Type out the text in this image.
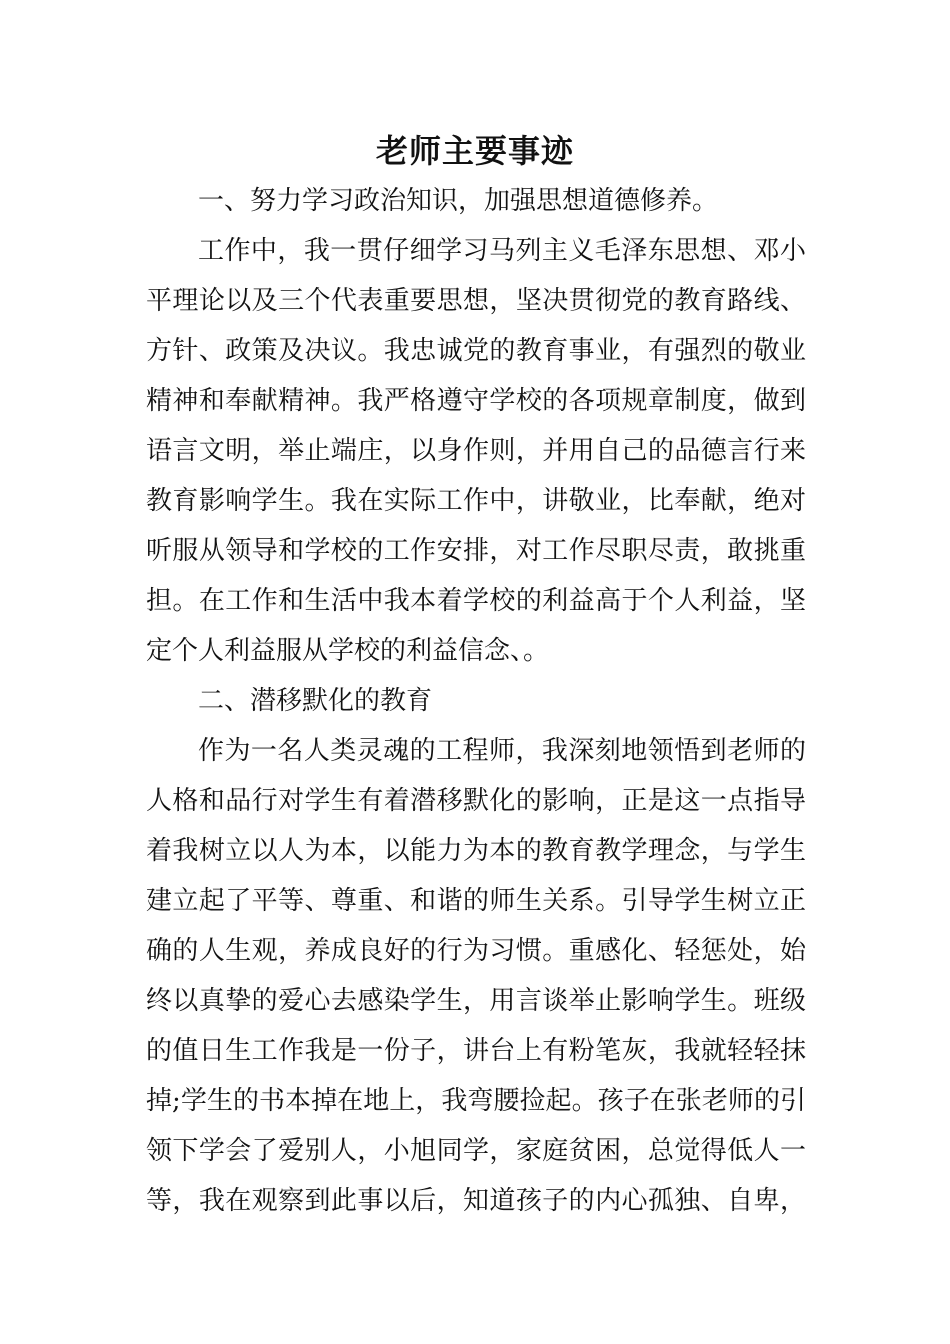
老师主要事迹

一、努力学习政治知识，加强思想道德修养。

工作中，我一贯仔细学习马列主义毛泽东思想、邓小

平理论以及三个代表重要思想，坚决贯彻党的教育路线、

方针、政策及决议。我忠诚党的教育事业，有强烈的敬业

精神和奉献精神。我严格遵守学校的各项规章制度，做到

语言文明，举止端庄，以身作则，并用自己的品德言行来

教育影响学生。我在实际工作中，讲敬业，比奉献，绝对

听服从领导和学校的工作安排，对工作尽职尽责，敢挑重

担。在工作和生活中我本着学校的利益高于个人利益，坚

定个人利益服从学校的利益信念、。

二、潜移默化的教育

作为一名人类灵魂的工程师，我深刻地领悟到老师的

人格和品行对学生有着潜移默化的影响，正是这一点指导

着我树立以人为本，以能力为本的教育教学理念，与学生

建立起了平等、尊重、和谐的师生关系。引导学生树立正

确的人生观，养成良好的行为习惯。重感化、轻惩处，始

终以真挚的爱心去感染学生，用言谈举止影响学生。班级

的值日生工作我是一份子，讲台上有粉笔灰，我就轻轻抹

掉;学生的书本掉在地上，我弯腰捡起。孩子在张老师的引

领下学会了爱别人，小旭同学，家庭贫困，总觉得低人一

等，我在观察到此事以后，知道孩子的内心孤独、自卑，
